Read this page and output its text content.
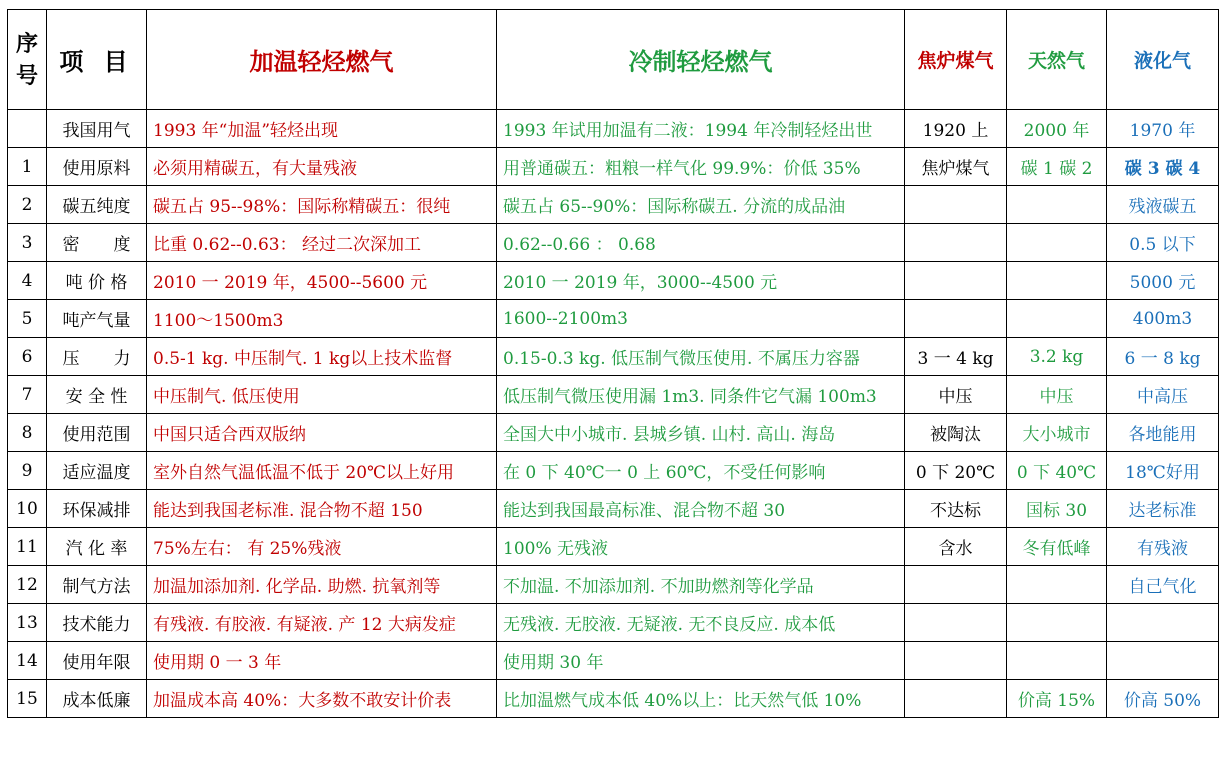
序号	项 目	加温轻烃燃气	冷制轻烃燃气	焦炉煤气	天然气	液化气
	我国用气	1993 年“加温”轻烃出现	1993 年试用加温有二液：1994 年冷制轻烃出世	1920 上	2000 年	1970 年
1	使用原料	必须用精碳五，有大量残液	用普通碳五：粗粮一样气化 99.9%：价低 35%	焦炉煤气	碳 1 碳 2	碳 3 碳 4
2	碳五纯度	碳五占 95--98%：国际称精碳五：很纯	碳五占 65--90%：国际称碳五. 分流的成品油			残液碳五
3	密　　度	比重 0.62--0.63： 经过二次深加工	0.62--0.66 ： 0.68			0.5 以下
4	吨 价 格	2010 一 2019 年，4500--5600 元	2010 一 2019 年，3000--4500 元			5000 元
5	吨产气量	1100～1500m3	1600--2100m3			400m3
6	压　　力	0.5-1 kg. 中压制气. 1 kg以上技术监督	0.15-0.3 kg. 低压制气微压使用. 不属压力容器	3 一 4 kg	3.2 kg	6 一 8 kg
7	安 全 性	中压制气. 低压使用	低压制气微压使用漏 1m3. 同条件它气漏 100m3	中压	中压	中高压
8	使用范围	中国只适合西双版纳	全国大中小城市. 县城乡镇. 山村. 高山. 海岛	被陶汰	大小城市	各地能用
9	适应温度	室外自然气温低温不低于 20℃以上好用	在 0 下 40℃一 0 上 60℃，不受任何影响	0 下 20℃	0 下 40℃	18℃好用
10	环保减排	能达到我国老标准. 混合物不超 150	能达到我国最高标准、混合物不超 30	不达标	国标 30	达老标准
11	汽 化 率	75%左右： 有 25%残液	100% 无残液	含水	冬有低峰	有残液
12	制气方法	加温加添加剂. 化学品. 助燃. 抗氧剂等	不加温. 不加添加剂. 不加助燃剂等化学品			自己气化
13	技术能力	有残液. 有胶液. 有疑液. 产 12 大病发症	无残液. 无胶液. 无疑液. 无不良反应. 成本低			
14	使用年限	使用期 0 一 3 年	使用期 30 年			
15	成本低廉	加温成本高 40%：大多数不敢安计价表	比加温燃气成本低 40%以上：比天然气低 10%		价高 15%	价高 50%
